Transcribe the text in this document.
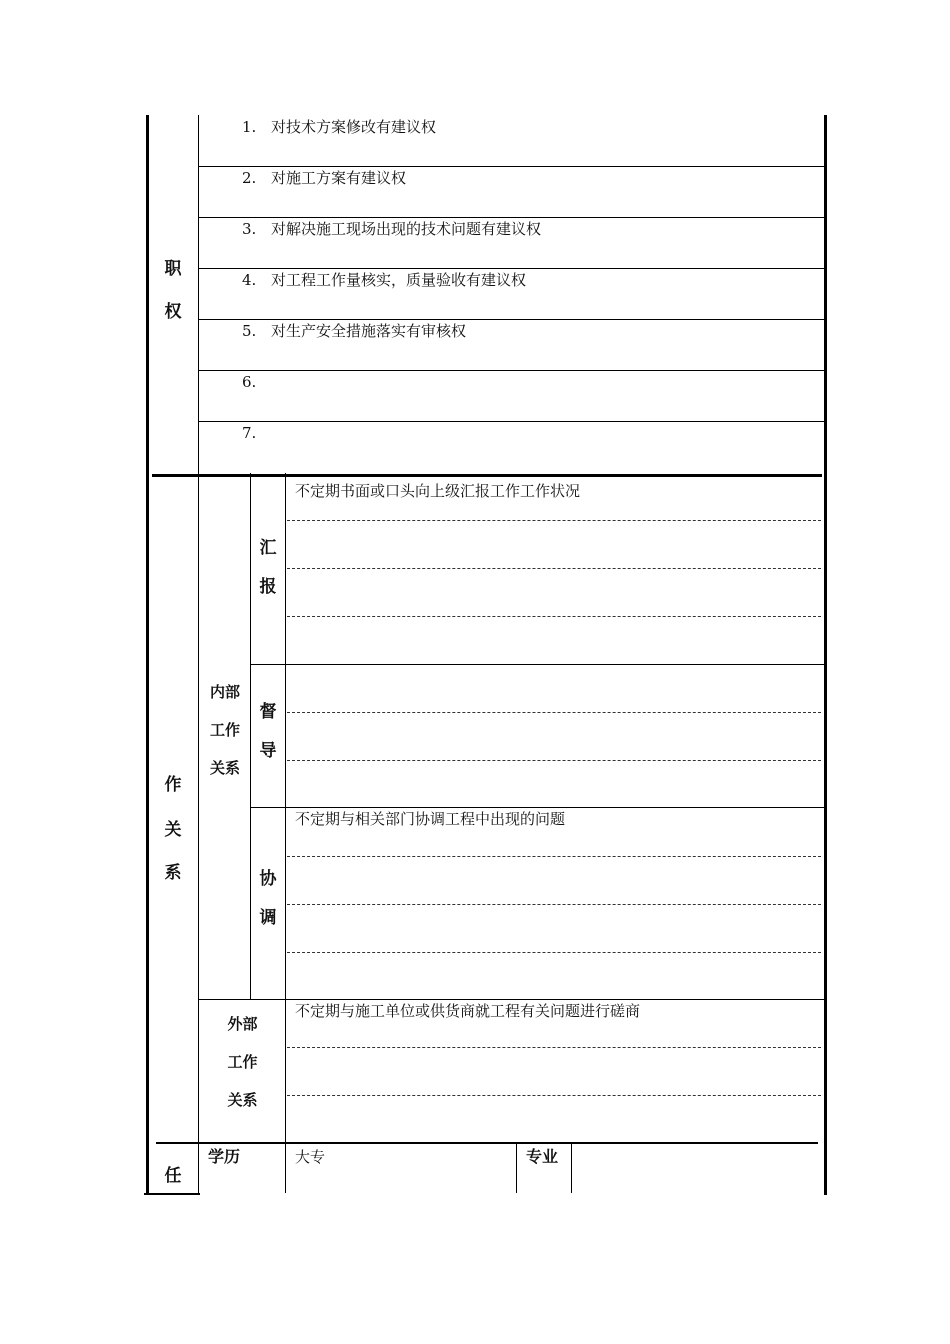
职
权
1. 对技术方案修改有建议权
2. 对施工方案有建议权
3. 对解决施工现场出现的技术问题有建议权
4. 对工程工作量核实，质量验收有建议权
5. 对生产安全措施落实有审核权
6.
7.
作
关
系
内部
工作
关系
汇
报
督
导
协
调
不定期书面或口头向上级汇报工作工作状况
不定期与相关部门协调工程中出现的问题
外部
工作
关系
不定期与施工单位或供货商就工程有关问题进行磋商
任
学历	大专	专业
